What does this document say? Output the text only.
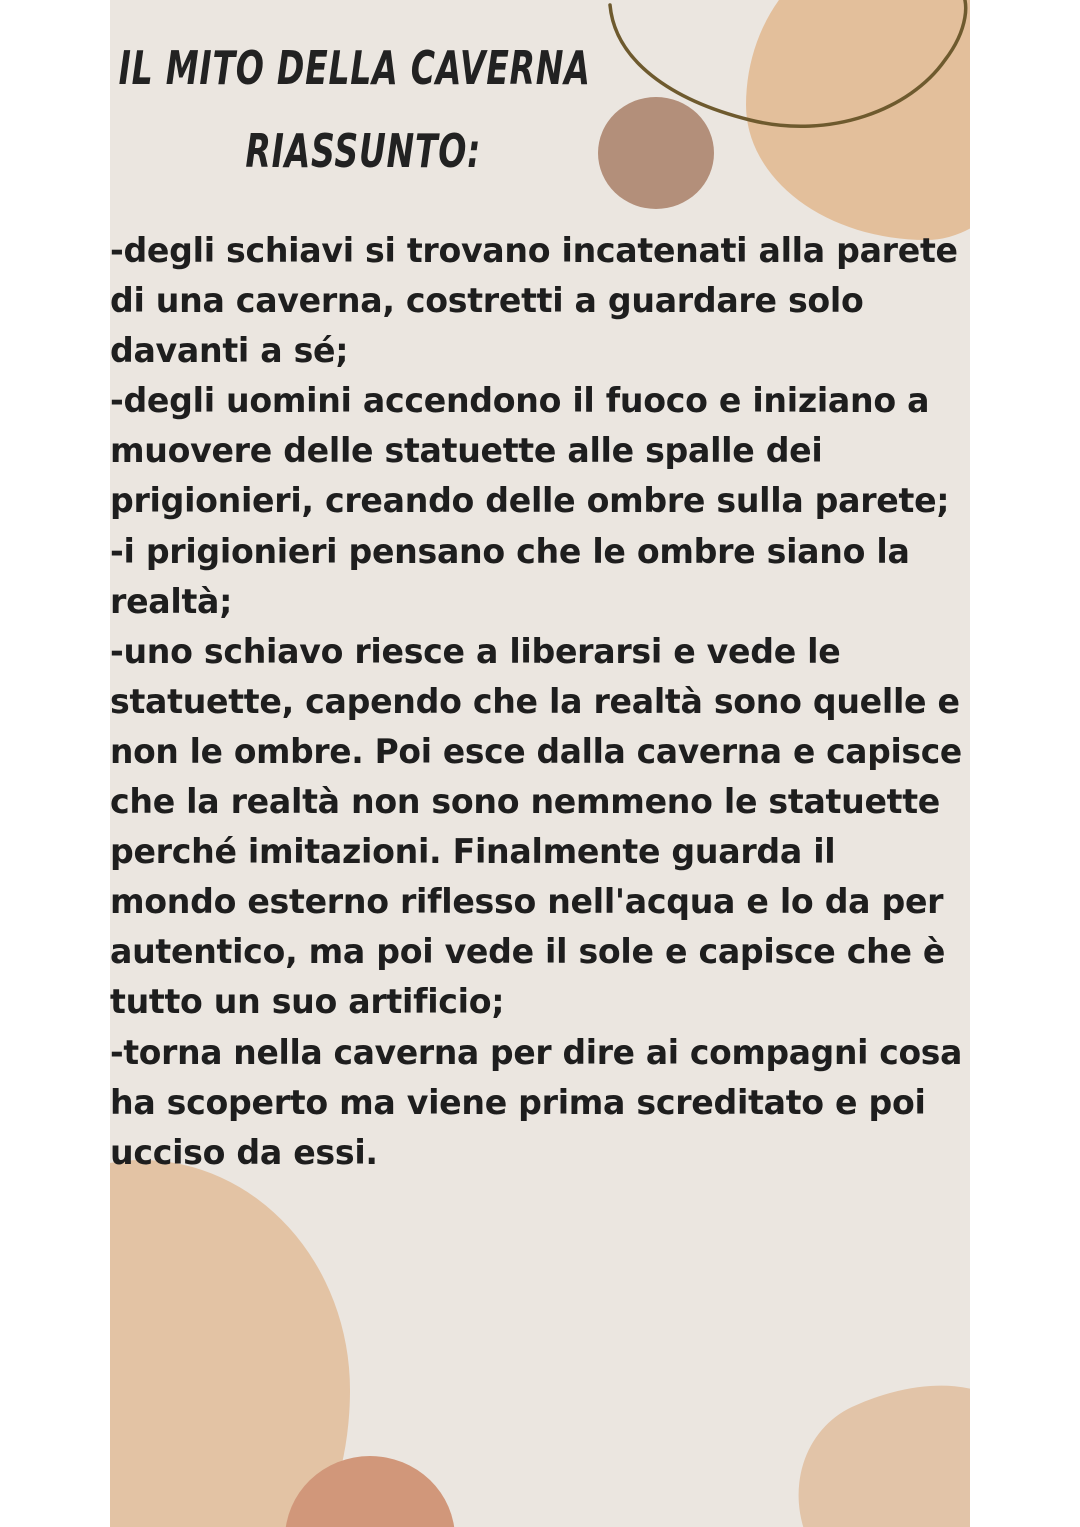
IL MITO DELLA CAVERNA
RIASSUNTO:
-degli schiavi si trovano incatenati alla parete
di una caverna, costretti a guardare solo
davanti a sé;
-degli uomini accendono il fuoco e iniziano a
muovere delle statuette alle spalle dei
prigionieri, creando delle ombre sulla parete;
-i prigionieri pensano che le ombre siano la
realtà;
-uno schiavo riesce a liberarsi e vede le
statuette, capendo che la realtà sono quelle e
non le ombre. Poi esce dalla caverna e capisce
che la realtà non sono nemmeno le statuette
perché imitazioni. Finalmente guarda il
mondo esterno riflesso nell'acqua e lo da per
autentico, ma poi vede il sole e capisce che è
tutto un suo artificio;
-torna nella caverna per dire ai compagni cosa
ha scoperto ma viene prima screditato e poi
ucciso da essi.
